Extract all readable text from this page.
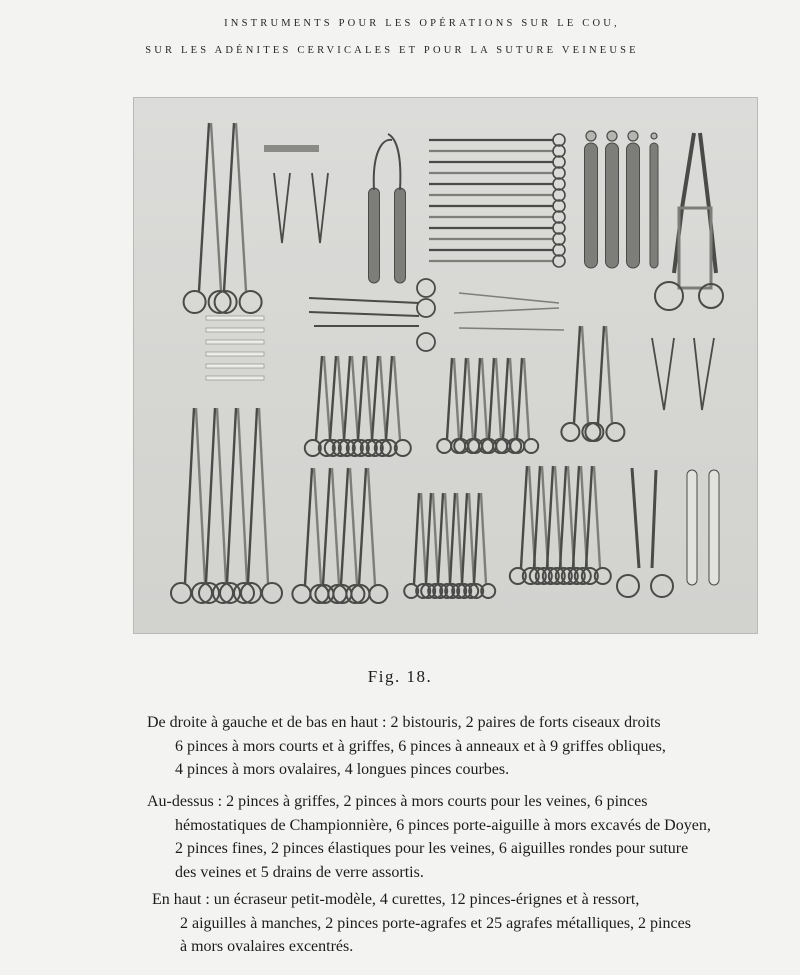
INSTRUMENTS POUR LES OPÉRATIONS SUR LE COU,
SUR LES ADÉNITES CERVICALES ET POUR LA SUTURE VEINEUSE
Fig. 18.

De droite à gauche et de bas en haut : 2 bistouris, 2 paires de forts ciseaux droits

6 pinces à mors courts et à griffes, 6 pinces à anneaux et à 9 griffes obliques,

4 pinces à mors ovalaires, 4 longues pinces courbes.

Au-dessus : 2 pinces à griffes, 2 pinces à mors courts pour les veines, 6 pinces

hémostatiques de Championnière, 6 pinces porte-aiguille à mors excavés de Doyen,

2 pinces fines, 2 pinces élastiques pour les veines, 6 aiguilles rondes pour suture

des veines et 5 drains de verre assortis.

En haut : un écraseur petit-modèle, 4 curettes, 12 pinces-érignes et à ressort,

2 aiguilles à manches, 2 pinces porte-agrafes et 25 agrafes métalliques, 2 pinces

à mors ovalaires excentrés.
